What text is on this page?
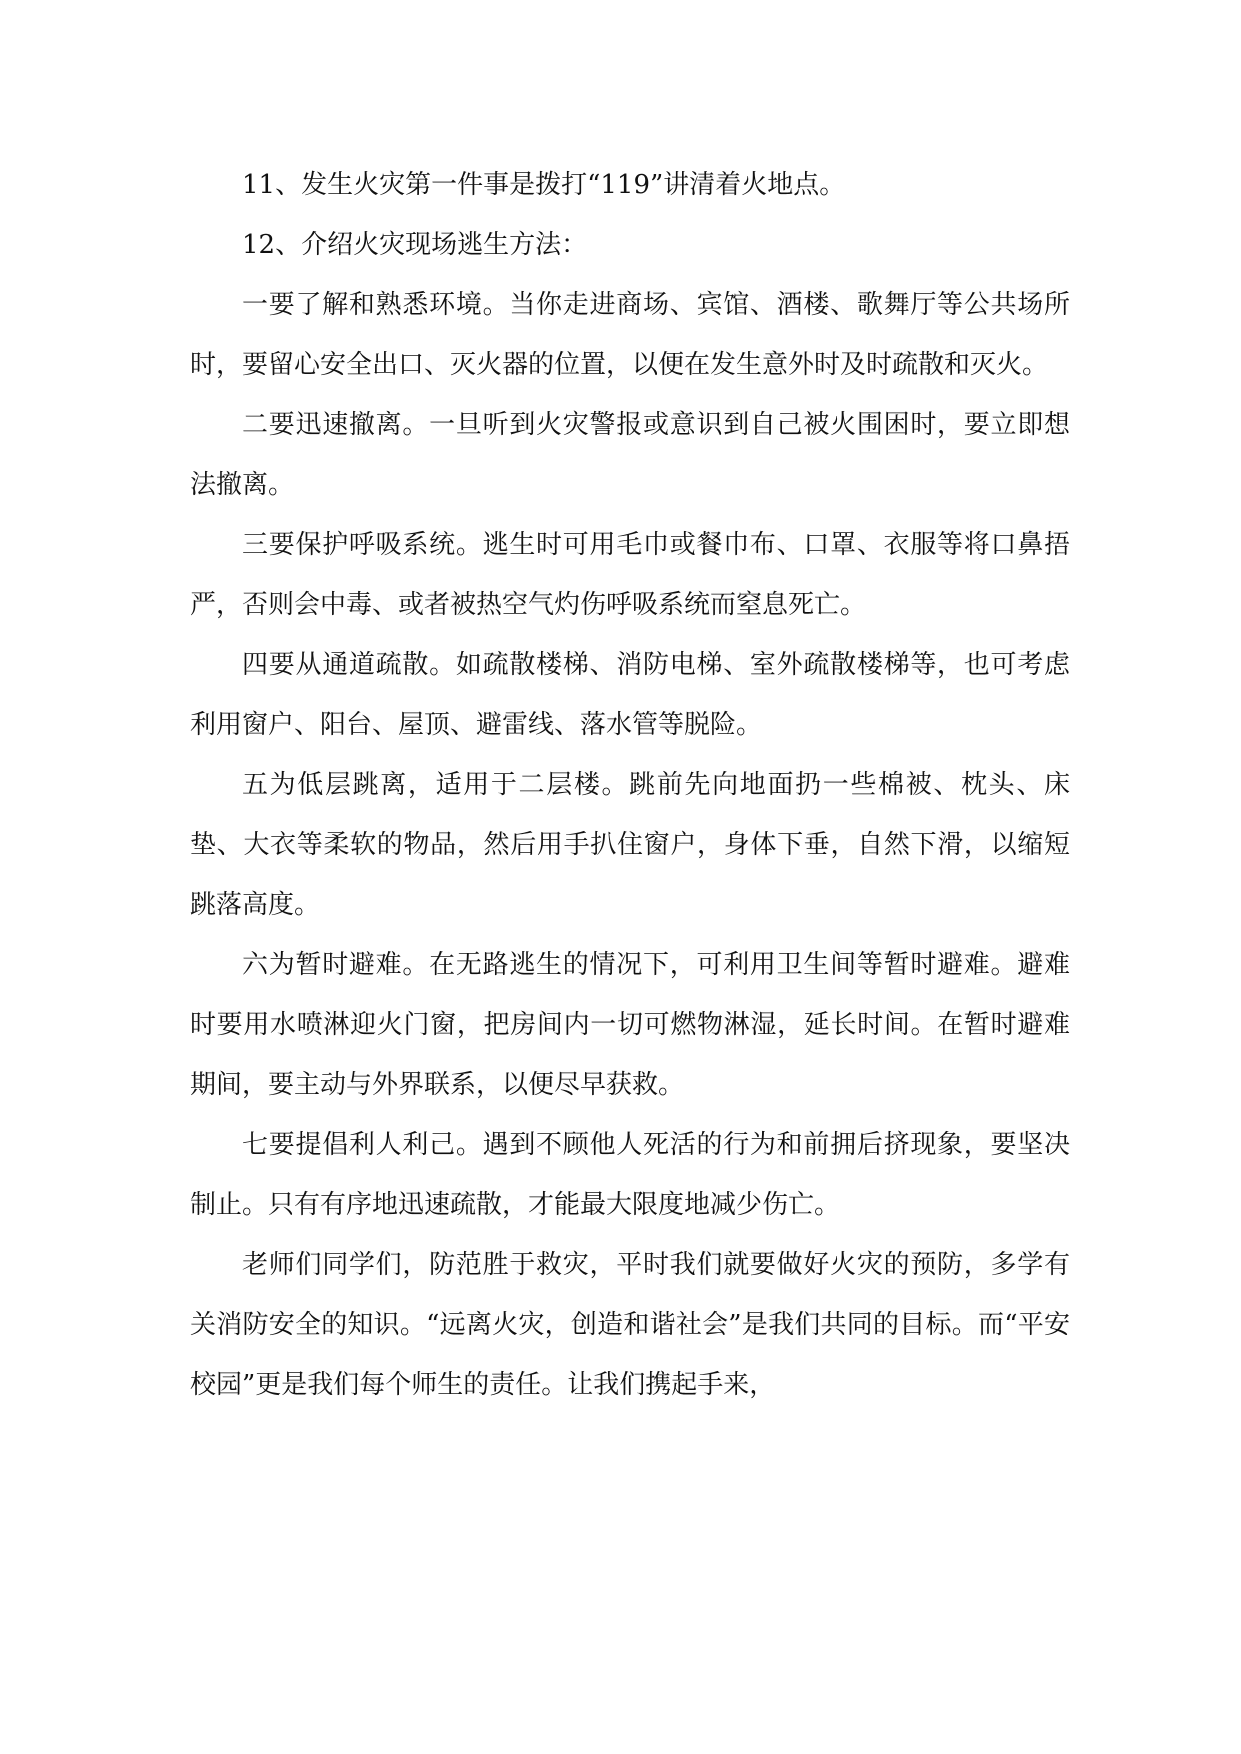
11、发生火灾第一件事是拨打“119”讲清着火地点。

12、介绍火灾现场逃生方法：

一要了解和熟悉环境。当你走进商场、宾馆、酒楼、歌舞厅等公共场所时，要留心安全出口、灭火器的位置，以便在发生意外时及时疏散和灭火。

二要迅速撤离。一旦听到火灾警报或意识到自己被火围困时，要立即想法撤离。

三要保护呼吸系统。逃生时可用毛巾或餐巾布、口罩、衣服等将口鼻捂严，否则会中毒、或者被热空气灼伤呼吸系统而窒息死亡。

四要从通道疏散。如疏散楼梯、消防电梯、室外疏散楼梯等，也可考虑利用窗户、阳台、屋顶、避雷线、落水管等脱险。

五为低层跳离，适用于二层楼。跳前先向地面扔一些棉被、枕头、床垫、大衣等柔软的物品，然后用手扒住窗户，身体下垂，自然下滑，以缩短跳落高度。

六为暂时避难。在无路逃生的情况下，可利用卫生间等暂时避难。避难时要用水喷淋迎火门窗，把房间内一切可燃物淋湿，延长时间。在暂时避难期间，要主动与外界联系，以便尽早获救。

七要提倡利人利己。遇到不顾他人死活的行为和前拥后挤现象，要坚决制止。只有有序地迅速疏散，才能最大限度地减少伤亡。

老师们同学们，防范胜于救灾，平时我们就要做好火灾的预防，多学有关消防安全的知识。“远离火灾，创造和谐社会”是我们共同的目标。而“平安校园”更是我们每个师生的责任。让我们携起手来，
